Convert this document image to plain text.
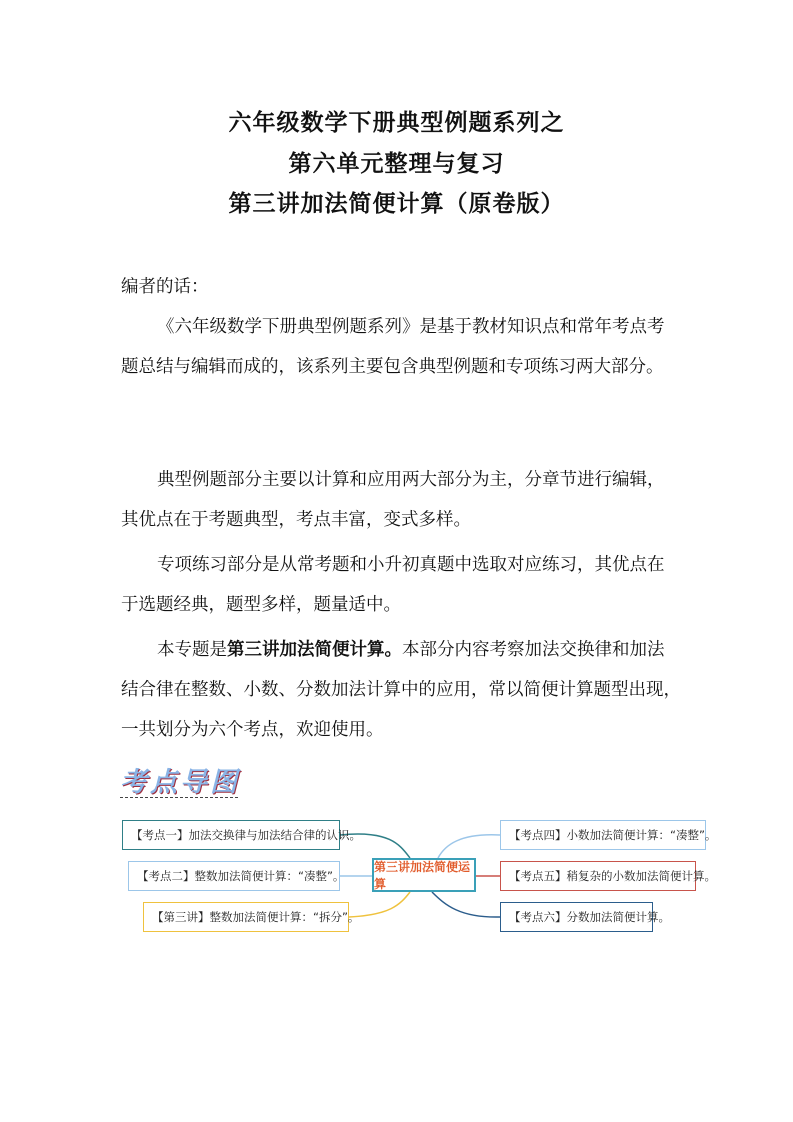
六年级数学下册典型例题系列之
第六单元整理与复习
第三讲加法简便计算（原卷版）

编者的话：

《六年级数学下册典型例题系列》是基于教材知识点和常年考点考题总结与编辑而成的，该系列主要包含典型例题和专项练习两大部分。

典型例题部分主要以计算和应用两大部分为主，分章节进行编辑，其优点在于考题典型，考点丰富，变式多样。

专项练习部分是从常考题和小升初真题中选取对应练习，其优点在于选题经典，题型多样，题量适中。

本专题是第三讲加法简便计算。本部分内容考察加法交换律和加法结合律在整数、小数、分数加法计算中的应用，常以简便计算题型出现，一共划分为六个考点，欢迎使用。

考点导图
【考点一】加法交换律与加法结合律的认识。
【考点二】整数加法简便计算：“凑整”。
【第三讲】整数加法简便计算：“拆分”。
【考点四】小数加法简便计算：“凑整”。
【考点五】稍复杂的小数加法简便计算。
【考点六】分数加法简便计算。
第三讲加法简便运算
